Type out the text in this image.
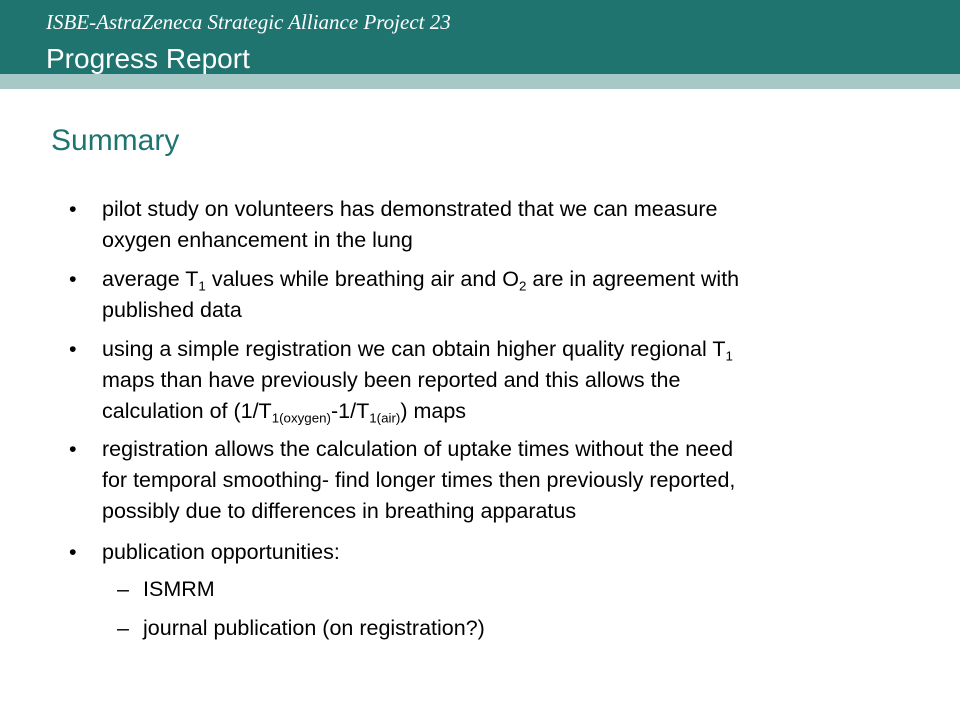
ISBE-AstraZeneca Strategic Alliance Project 23
Progress Report
Summary
• pilot study on volunteers has demonstrated that we can measure
oxygen enhancement in the lung
• average $T_1$ values while breathing air and $O_2$ are in agreement with
published data
• using a simple registration we can obtain higher quality regional $T_1$
maps than have previously been reported and this allows the
calculation of $(1/T_{1(oxygen)}-1/T_{1(air)})$ maps
• registration allows the calculation of uptake times without the need
for temporal smoothing- find longer times then previously reported,
possibly due to differences in breathing apparatus
• publication opportunities:
– ISMRM
– journal publication (on registration?)
